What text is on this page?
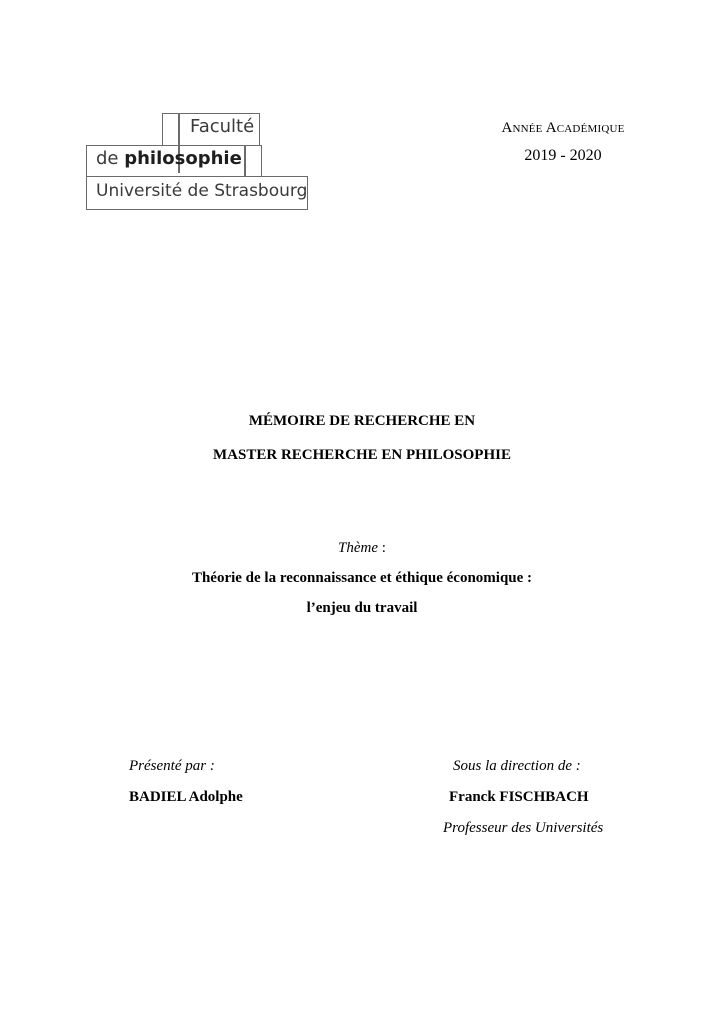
Faculté
de philosophie
Université de Strasbourg
Année Académique
2019 - 2020
MÉMOIRE DE RECHERCHE EN
MASTER RECHERCHE EN PHILOSOPHIE
Thème :
Théorie de la reconnaissance et éthique économique :
l’enjeu du travail
Présenté par :
BADIEL Adolphe
Sous la direction de :
Franck FISCHBACH
Professeur des Universités
